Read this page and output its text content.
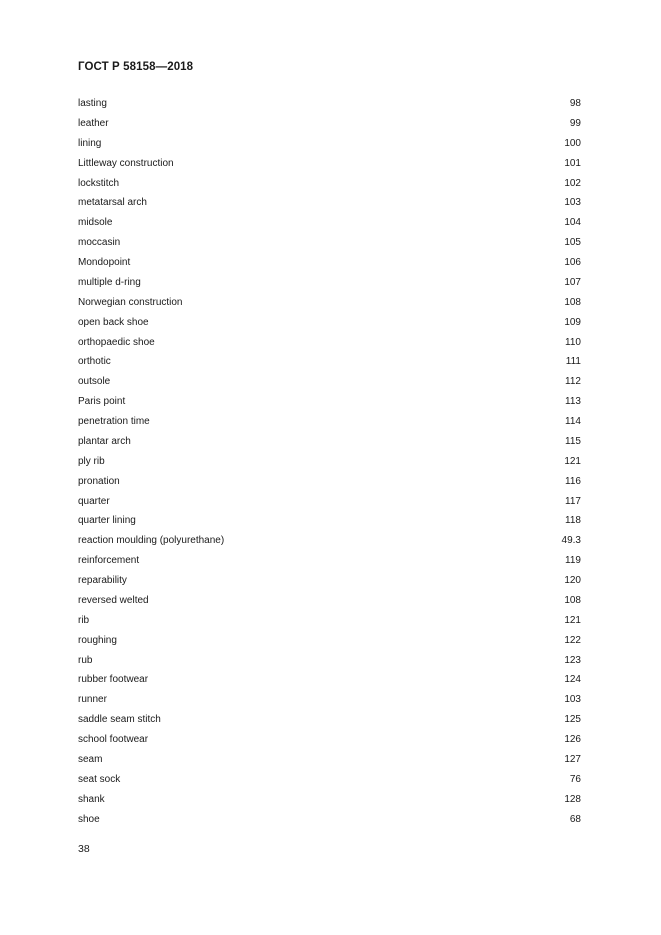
ГОСТ Р 58158—2018
lasting	98
leather	99
lining	100
Littleway construction	101
lockstitch	102
metatarsal arch	103
midsole	104
moccasin	105
Mondopoint	106
multiple d-ring	107
Norwegian construction	108
open back shoe	109
orthopaedic shoe	110
orthotic	111
outsole	112
Paris point	113
penetration time	114
plantar arch	115
ply rib	121
pronation	116
quarter	117
quarter lining	118
reaction moulding (polyurethane)	49.3
reinforcement	119
reparability	120
reversed welted	108
rib	121
roughing	122
rub	123
rubber footwear	124
runner	103
saddle seam stitch	125
school footwear	126
seam	127
seat sock	76
shank	128
shoe	68
38
